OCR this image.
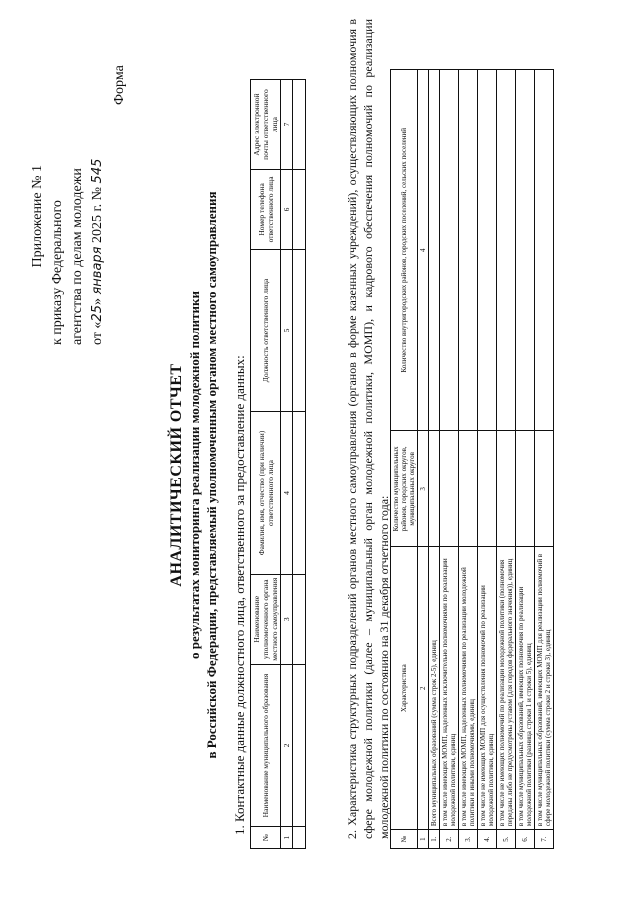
Приложение № 1 к приказу Федерального агентства по делам молодежи от «25» января 2025 г. № 545
Форма
АНАЛИТИЧЕСКИЙ ОТЧЕТ о результатах мониторинга реализации молодежной политики в Российской Федерации, представляемый уполномоченным органом местного самоуправления 1. Контактные данные должностного лица, ответственного за предоставление данных:
№	Наименование муниципального образования	Наименование уполномоченного органа местного самоуправления	Фамилия, имя, отчество (при наличии) ответственного лица	Должность ответственного лица	Номер телефона ответственного лица	Адрес электронной почты ответственного лица
1	2	3	4	5	6	7
							2. Характеристика структурных подразделений органов местного самоуправления (органов в форме казенных учреждений), осуществляющих полномочия в сфере молодежной политики (далее – муниципальный орган молодежной политики, МОМП), и кадрового обеспечения полномочий по реализации молодежной политики по состоянию на 31 декабря отчетного года:
№	Характеристика	Количество муниципальных районов, городских округов, муниципальных округов	Количество внутригородских районов, городских поселений, сельских поселений
1	2	3	4
1.	Всего муниципальных образований (сумма строк 2-5), единиц		
2.	в том числе имеющих МОМП, наделенных исключительно полномочиями по реализации молодежной политики, единиц		
3.	в том числе имеющих МОМП, наделенных полномочиями по реализации молодежной политики и иными полномочиями, единиц		
4.	в том числе не имеющих МОМП для осуществления полномочий по реализации молодежной политики, единиц		
5.	в том числе не имеющих полномочий по реализации молодежной политики (полномочия переданы либо не предусмотрены уставом (для городов федерального значения)), единиц		
6.	в том числе муниципальных образований, имеющих полномочия по реализации молодежной политики (разница строки 1 и строки 5), единиц		
7.	в том числе муниципальных образований, имеющих МОМП для реализации полномочий в сфере молодежной политики (сумма строки 2 и строки 3), единиц		
